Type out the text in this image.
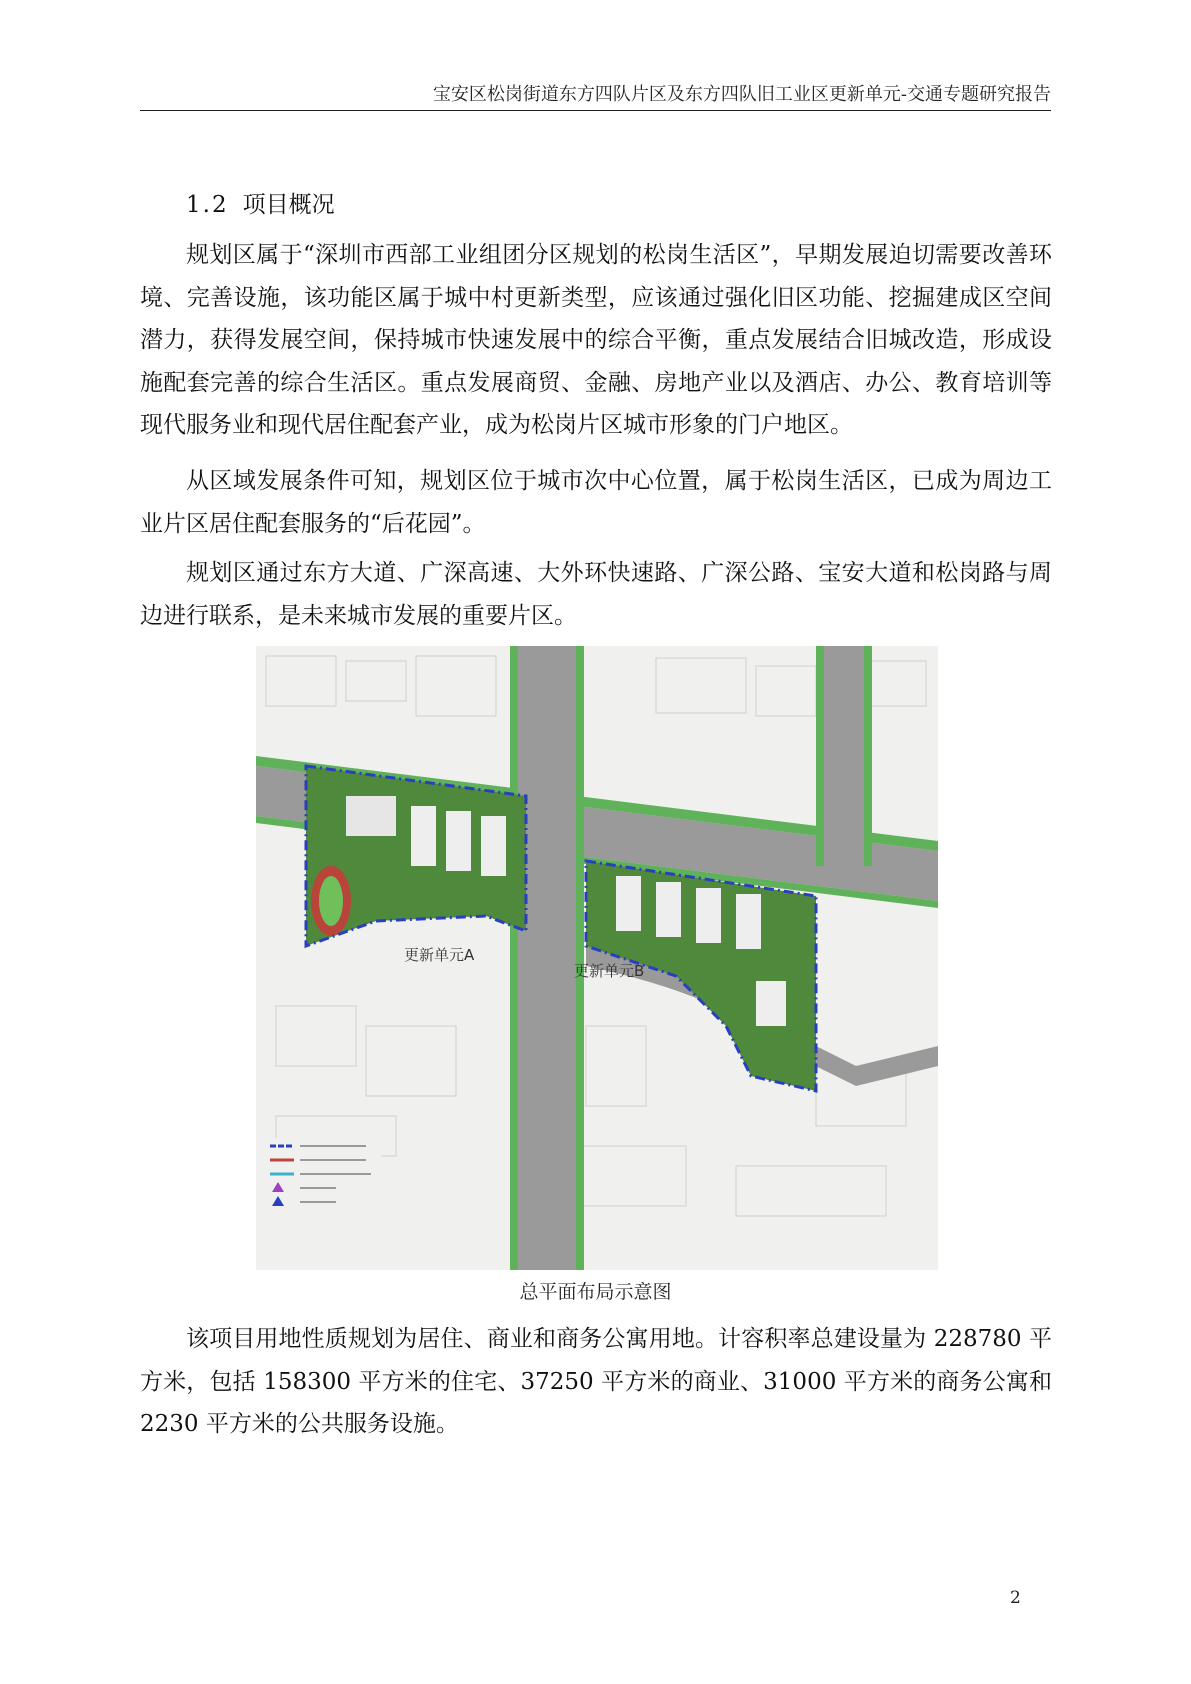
宝安区松岗街道东方四队片区及东方四队旧工业区更新单元-交通专题研究报告
1.2 项目概况

规划区属于“深圳市西部工业组团分区规划的松岗生活区”，早期发展迫切需要改善环境、完善设施，该功能区属于城中村更新类型，应该通过强化旧区功能、挖掘建成区空间潜力，获得发展空间，保持城市快速发展中的综合平衡，重点发展结合旧城改造，形成设施配套完善的综合生活区。重点发展商贸、金融、房地产业以及酒店、办公、教育培训等现代服务业和现代居住配套产业，成为松岗片区城市形象的门户地区。

从区域发展条件可知，规划区位于城市次中心位置，属于松岗生活区，已成为周边工业片区居住配套服务的“后花园”。

规划区通过东方大道、广深高速、大外环快速路、广深公路、宝安大道和松岗路与周边进行联系，是未来城市发展的重要片区。

更新单元A
更新单元B
总平面布局示意图

该项目用地性质规划为居住、商业和商务公寓用地。计容积率总建设量为 228780 平方米，包括 158300 平方米的住宅、37250 平方米的商业、31000 平方米的商务公寓和 2230 平方米的公共服务设施。

2
